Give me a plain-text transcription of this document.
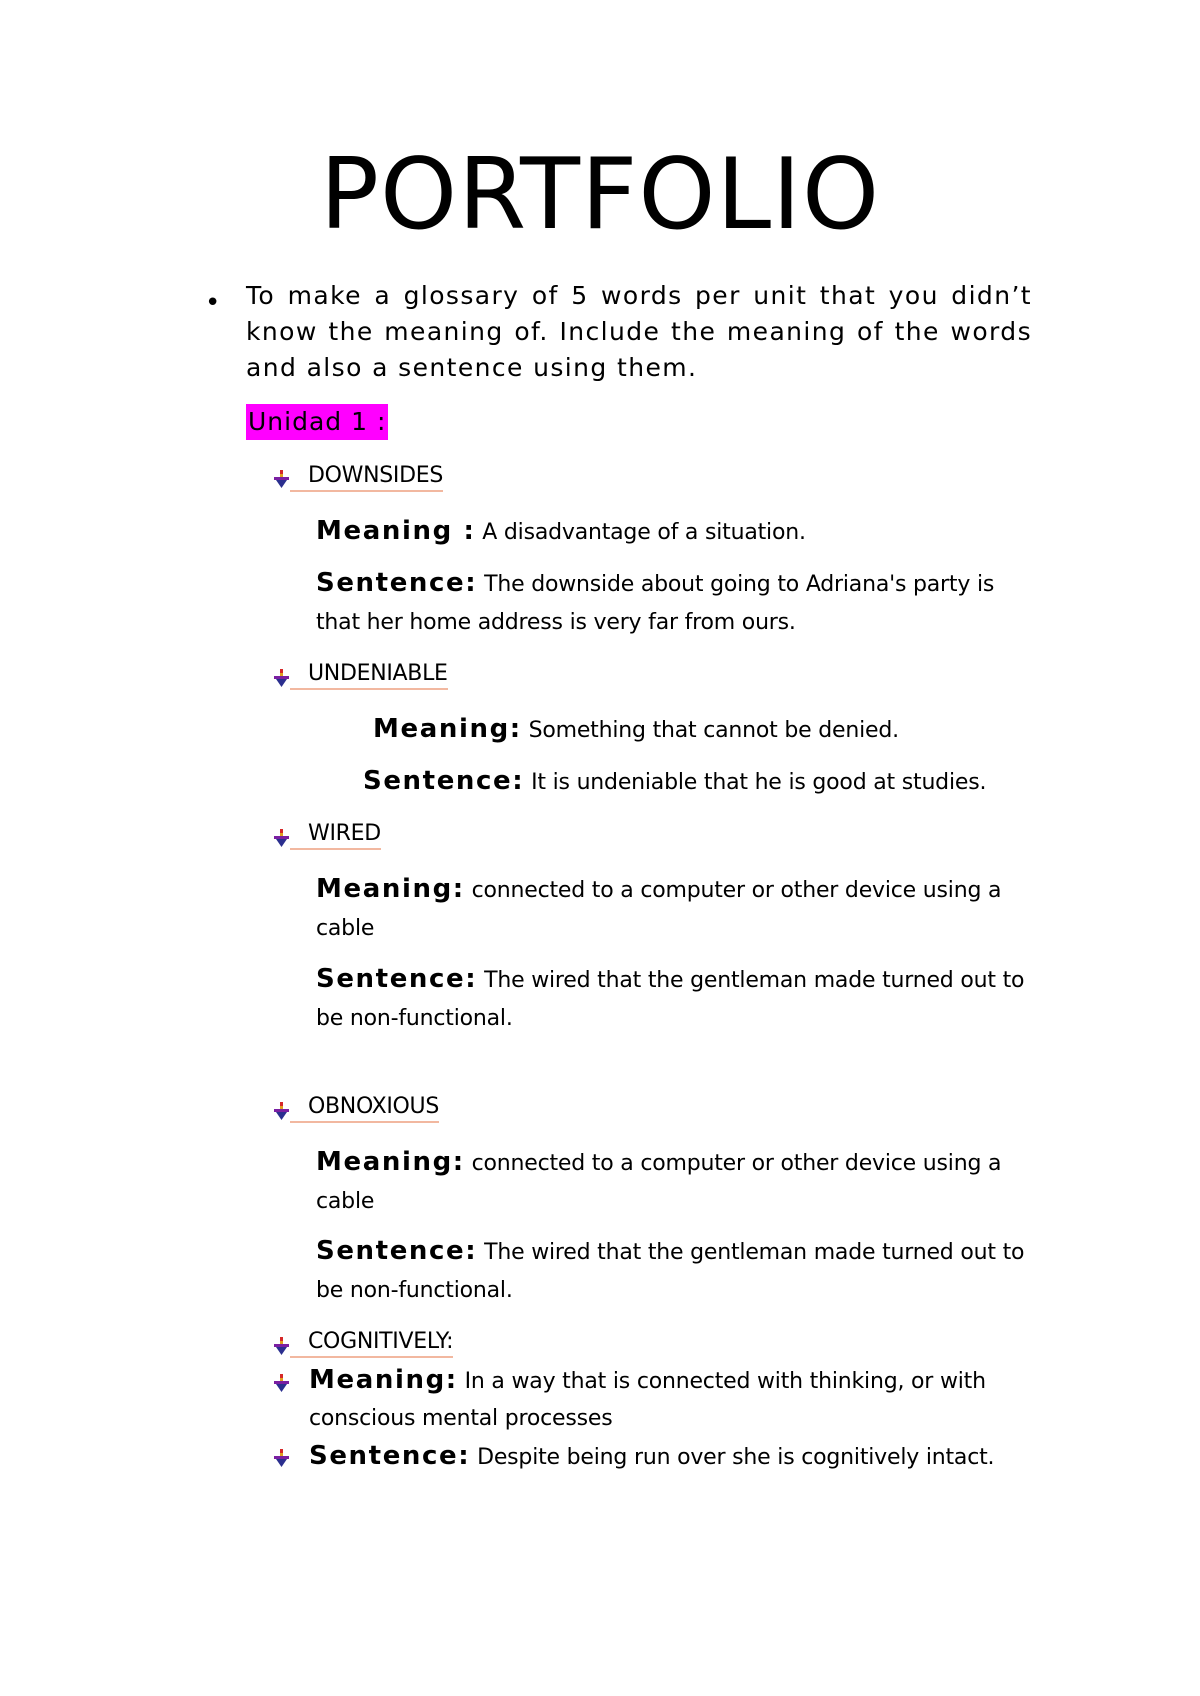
PORTFOLIO
• To make a glossary of 5 words per unit that you didn’t know the meaning of. Include the meaning of the words and also a sentence using them.
Unidad 1 :
DOWNSIDES
Meaning : A disadvantage of a situation.
Sentence: The downside about going to Adriana's party is that her home address is very far from ours.
UNDENIABLE
Meaning: Something that cannot be denied.
Sentence: It is undeniable that he is good at studies.
WIRED
Meaning: connected to a computer or other device using a cable
Sentence: The wired that the gentleman made turned out to be non-functional.
OBNOXIOUS
Meaning: connected to a computer or other device using a cable
Sentence: The wired that the gentleman made turned out to be non-functional.
COGNITIVELY:
Meaning: In a way that is connected with thinking, or with conscious mental processes
Sentence: Despite being run over she is cognitively intact.
